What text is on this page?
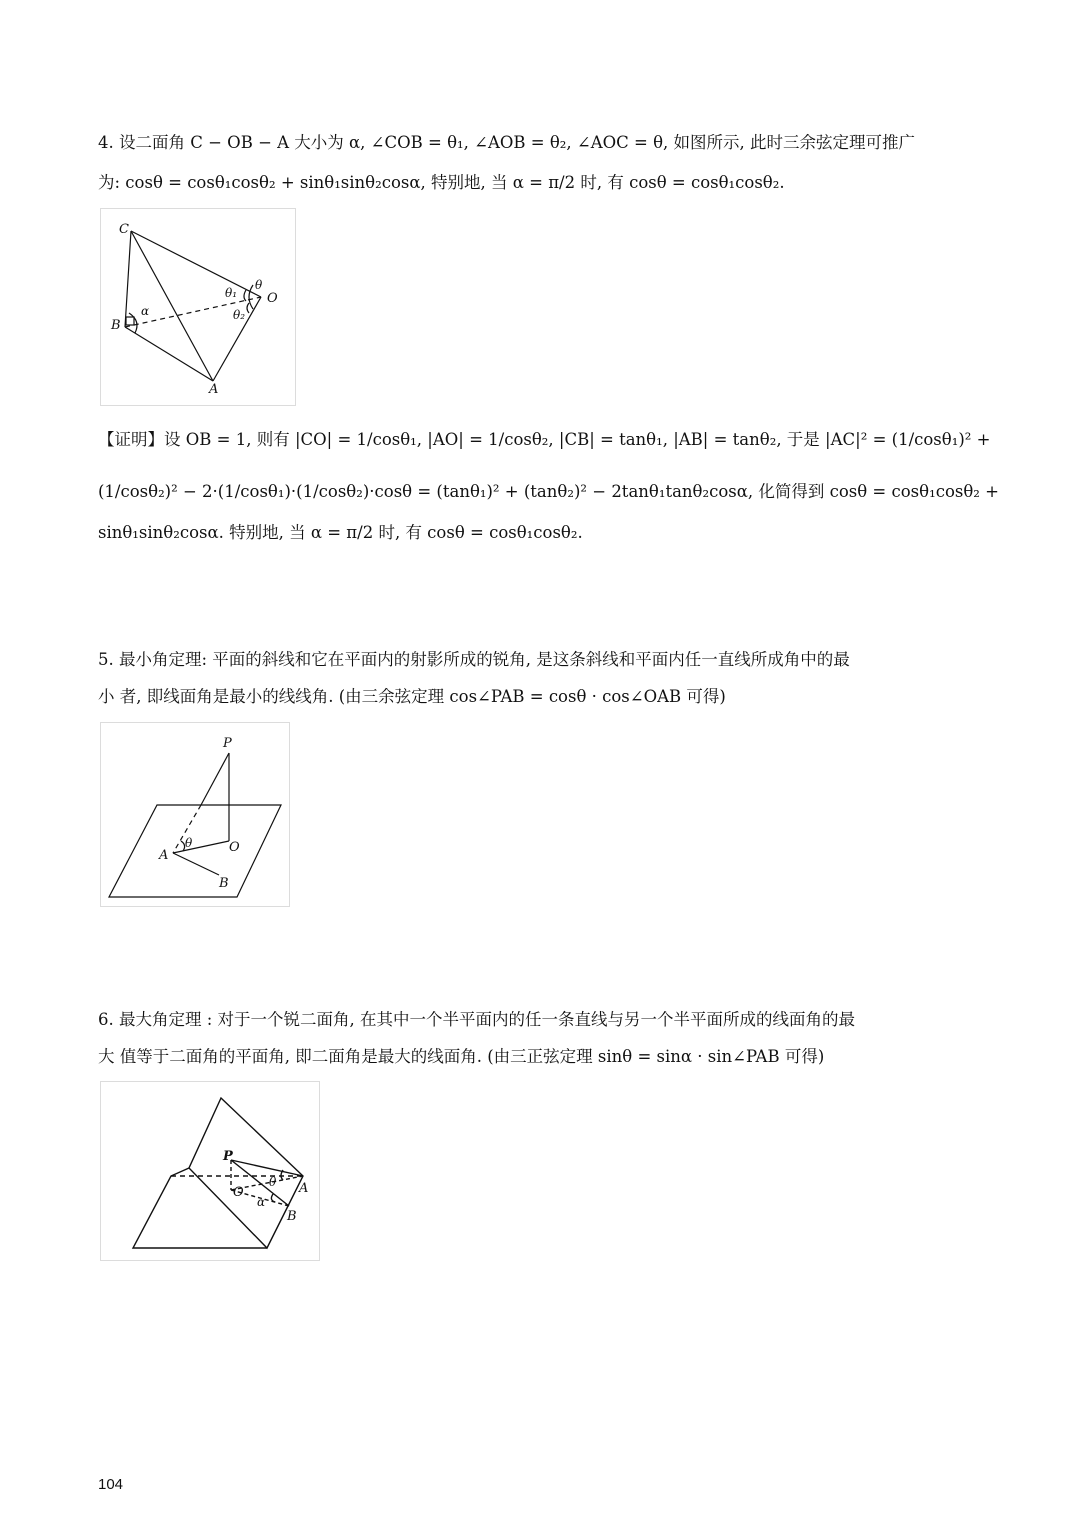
4. 设二面角 C − OB − A 大小为 α, ∠COB = θ₁, ∠AOB = θ₂, ∠AOC = θ, 如图所示, 此时三余弦定理可推广
为: cosθ = cosθ₁cosθ₂ + sinθ₁sinθ₂cosα, 特别地, 当 α = π/2 时, 有 cosθ = cosθ₁cosθ₂.
C
B
A
O
α
θ
θ₁
θ₂
【证明】设 OB = 1, 则有 |CO| = 1/cosθ₁, |AO| = 1/cosθ₂, |CB| = tanθ₁, |AB| = tanθ₂, 于是 |AC|² = (1/cosθ₁)² +
(1/cosθ₂)² − 2·(1/cosθ₁)·(1/cosθ₂)·cosθ = (tanθ₁)² + (tanθ₂)² − 2tanθ₁tanθ₂cosα, 化简得到 cosθ = cosθ₁cosθ₂ +
sinθ₁sinθ₂cosα. 特别地, 当 α = π/2 时, 有 cosθ = cosθ₁cosθ₂.
5. 最小角定理: 平面的斜线和它在平面内的射影所成的锐角, 是这条斜线和平面内任一直线所成角中的最
小 者, 即线面角是最小的线线角. (由三余弦定理 cos∠PAB = cosθ · cos∠OAB 可得)
P
A
O
B
θ
6. 最大角定理 : 对于一个锐二面角, 在其中一个半平面内的任一条直线与另一个半平面所成的线面角的最
大 值等于二面角的平面角, 即二面角是最大的线面角. (由三正弦定理 sinθ = sinα · sin∠PAB 可得)
P
O	A
B
θ
α
104
